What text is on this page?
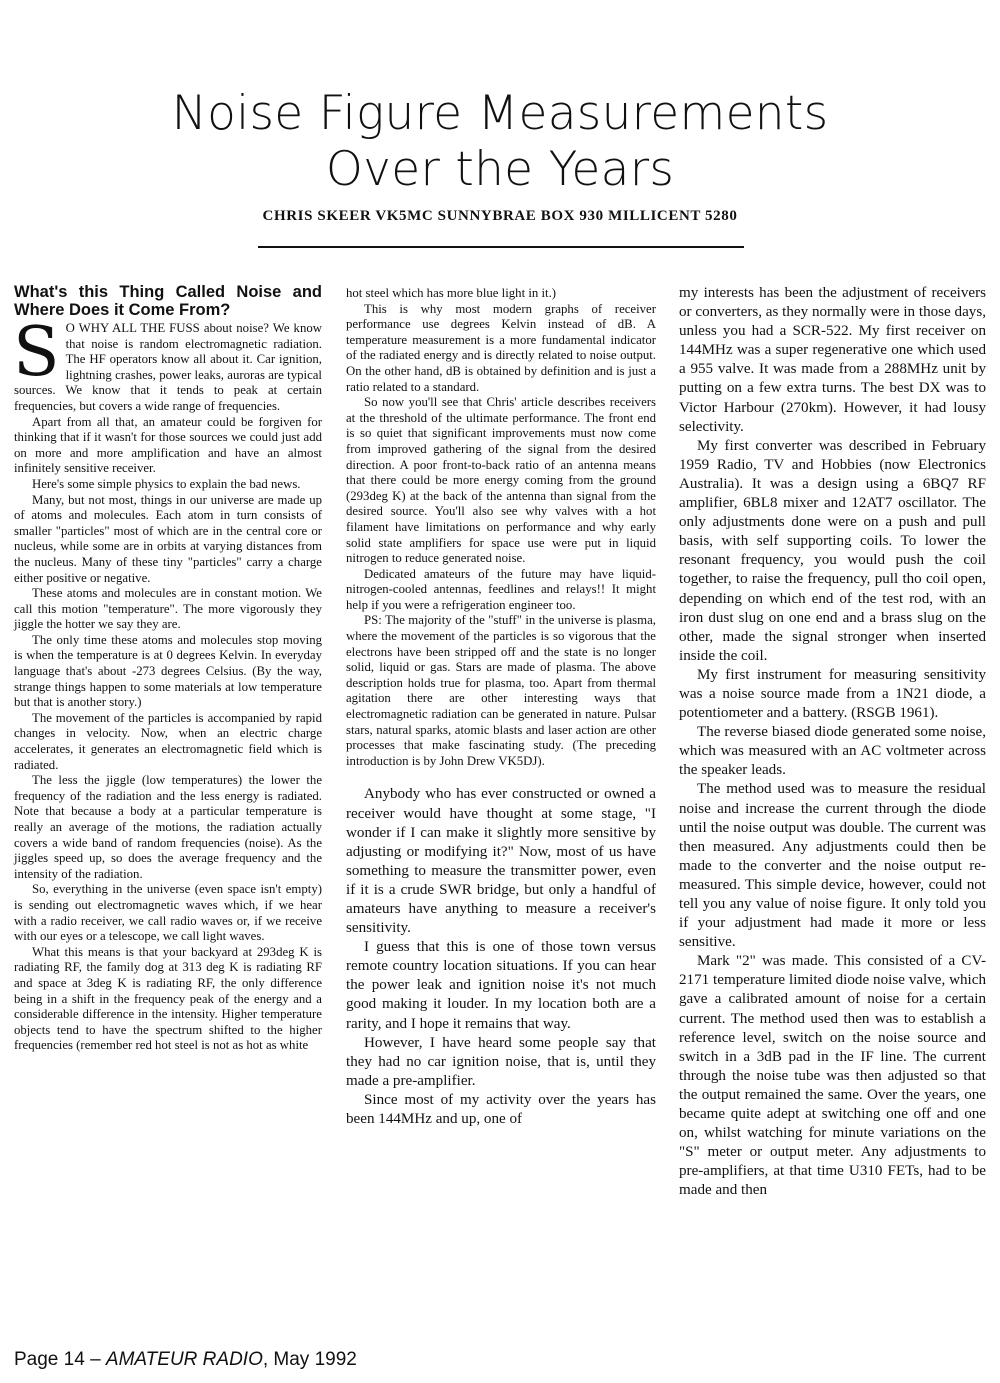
Noise Figure Measurements
Over the Years
CHRIS SKEER VK5MC SUNNYBRAE BOX 930 MILLICENT 5280
What's this Thing Called Noise and Where Does it Come From?
S O WHY ALL THE FUSS about noise? We know that noise is random electromagnetic radiation. The HF operators know all about it. Car ignition, lightning crashes, power leaks, auroras are typical sources. We know that it tends to peak at certain frequencies, but covers a wide range of frequencies.

Apart from all that, an amateur could be forgiven for thinking that if it wasn't for those sources we could just add on more and more amplification and have an almost infinitely sensitive receiver.

Here's some simple physics to explain the bad news.

Many, but not most, things in our universe are made up of atoms and molecules. Each atom in turn consists of smaller "particles" most of which are in the central core or nucleus, while some are in orbits at varying distances from the nucleus. Many of these tiny "particles" carry a charge either positive or negative.

These atoms and molecules are in constant motion. We call this motion "temperature". The more vigorously they jiggle the hotter we say they are.

The only time these atoms and molecules stop moving is when the temperature is at 0 degrees Kelvin. In everyday language that's about -273 degrees Celsius. (By the way, strange things happen to some materials at low temperature but that is another story.)

The movement of the particles is accompanied by rapid changes in velocity. Now, when an electric charge accelerates, it generates an electromagnetic field which is radiated.

The less the jiggle (low temperatures) the lower the frequency of the radiation and the less energy is radiated. Note that because a body at a particular temperature is really an average of the motions, the radiation actually covers a wide band of random frequencies (noise). As the jiggles speed up, so does the average frequency and the intensity of the radiation.

So, everything in the universe (even space isn't empty) is sending out electromagnetic waves which, if we hear with a radio receiver, we call radio waves or, if we receive with our eyes or a telescope, we call light waves.

What this means is that your backyard at 293deg K is radiating RF, the family dog at 313 deg K is radiating RF and space at 3deg K is radiating RF, the only difference being in a shift in the frequency peak of the energy and a considerable difference in the intensity. Higher temperature objects tend to have the spectrum shifted to the higher frequencies (remember red hot steel is not as hot as white

hot steel which has more blue light in it.)

This is why most modern graphs of receiver performance use degrees Kelvin instead of dB. A temperature measurement is a more fundamental indicator of the radiated energy and is directly related to noise output. On the other hand, dB is obtained by definition and is just a ratio related to a standard.

So now you'll see that Chris' article describes receivers at the threshold of the ultimate performance. The front end is so quiet that significant improvements must now come from improved gathering of the signal from the desired direction. A poor front-to-back ratio of an antenna means that there could be more energy coming from the ground (293deg K) at the back of the antenna than signal from the desired source. You'll also see why valves with a hot filament have limitations on performance and why early solid state amplifiers for space use were put in liquid nitrogen to reduce generated noise.

Dedicated amateurs of the future may have liquid-nitrogen-cooled antennas, feedlines and relays!! It might help if you were a refrigeration engineer too.

PS: The majority of the "stuff" in the universe is plasma, where the movement of the particles is so vigorous that the electrons have been stripped off and the state is no longer solid, liquid or gas. Stars are made of plasma. The above description holds true for plasma, too. Apart from thermal agitation there are other interesting ways that electromagnetic radiation can be generated in nature. Pulsar stars, natural sparks, atomic blasts and laser action are other processes that make fascinating study. (The preceding introduction is by John Drew VK5DJ).

Anybody who has ever constructed or owned a receiver would have thought at some stage, "I wonder if I can make it slightly more sensitive by adjusting or modifying it?" Now, most of us have something to measure the transmitter power, even if it is a crude SWR bridge, but only a handful of amateurs have anything to measure a receiver's sensitivity.

I guess that this is one of those town versus remote country location situations. If you can hear the power leak and ignition noise it's not much good making it louder. In my location both are a rarity, and I hope it remains that way.

However, I have heard some people say that they had no car ignition noise, that is, until they made a pre-amplifier.

Since most of my activity over the years has been 144MHz and up, one of

my interests has been the adjustment of receivers or converters, as they normally were in those days, unless you had a SCR-522. My first receiver on 144MHz was a super regenerative one which used a 955 valve. It was made from a 288MHz unit by putting on a few extra turns. The best DX was to Victor Harbour (270km). However, it had lousy selectivity.

My first converter was described in February 1959 Radio, TV and Hobbies (now Electronics Australia). It was a design using a 6BQ7 RF amplifier, 6BL8 mixer and 12AT7 oscillator. The only adjustments done were on a push and pull basis, with self supporting coils. To lower the resonant frequency, you would push the coil together, to raise the frequency, pull tho coil open, depending on which end of the test rod, with an iron dust slug on one end and a brass slug on the other, made the signal stronger when inserted inside the coil.

My first instrument for measuring sensitivity was a noise source made from a 1N21 diode, a potentiometer and a battery. (RSGB 1961).

The reverse biased diode generated some noise, which was measured with an AC voltmeter across the speaker leads.

The method used was to measure the residual noise and increase the current through the diode until the noise output was double. The current was then measured. Any adjustments could then be made to the converter and the noise output re-measured. This simple device, however, could not tell you any value of noise figure. It only told you if your adjustment had made it more or less sensitive.

Mark "2" was made. This consisted of a CV-2171 temperature limited diode noise valve, which gave a calibrated amount of noise for a certain current. The method used then was to establish a reference level, switch on the noise source and switch in a 3dB pad in the IF line. The current through the noise tube was then adjusted so that the output remained the same. Over the years, one became quite adept at switching one off and one on, whilst watching for minute variations on the "S" meter or output meter. Any adjustments to pre-amplifiers, at that time U310 FETs, had to be made and then

Page 14 – AMATEUR RADIO, May 1992
